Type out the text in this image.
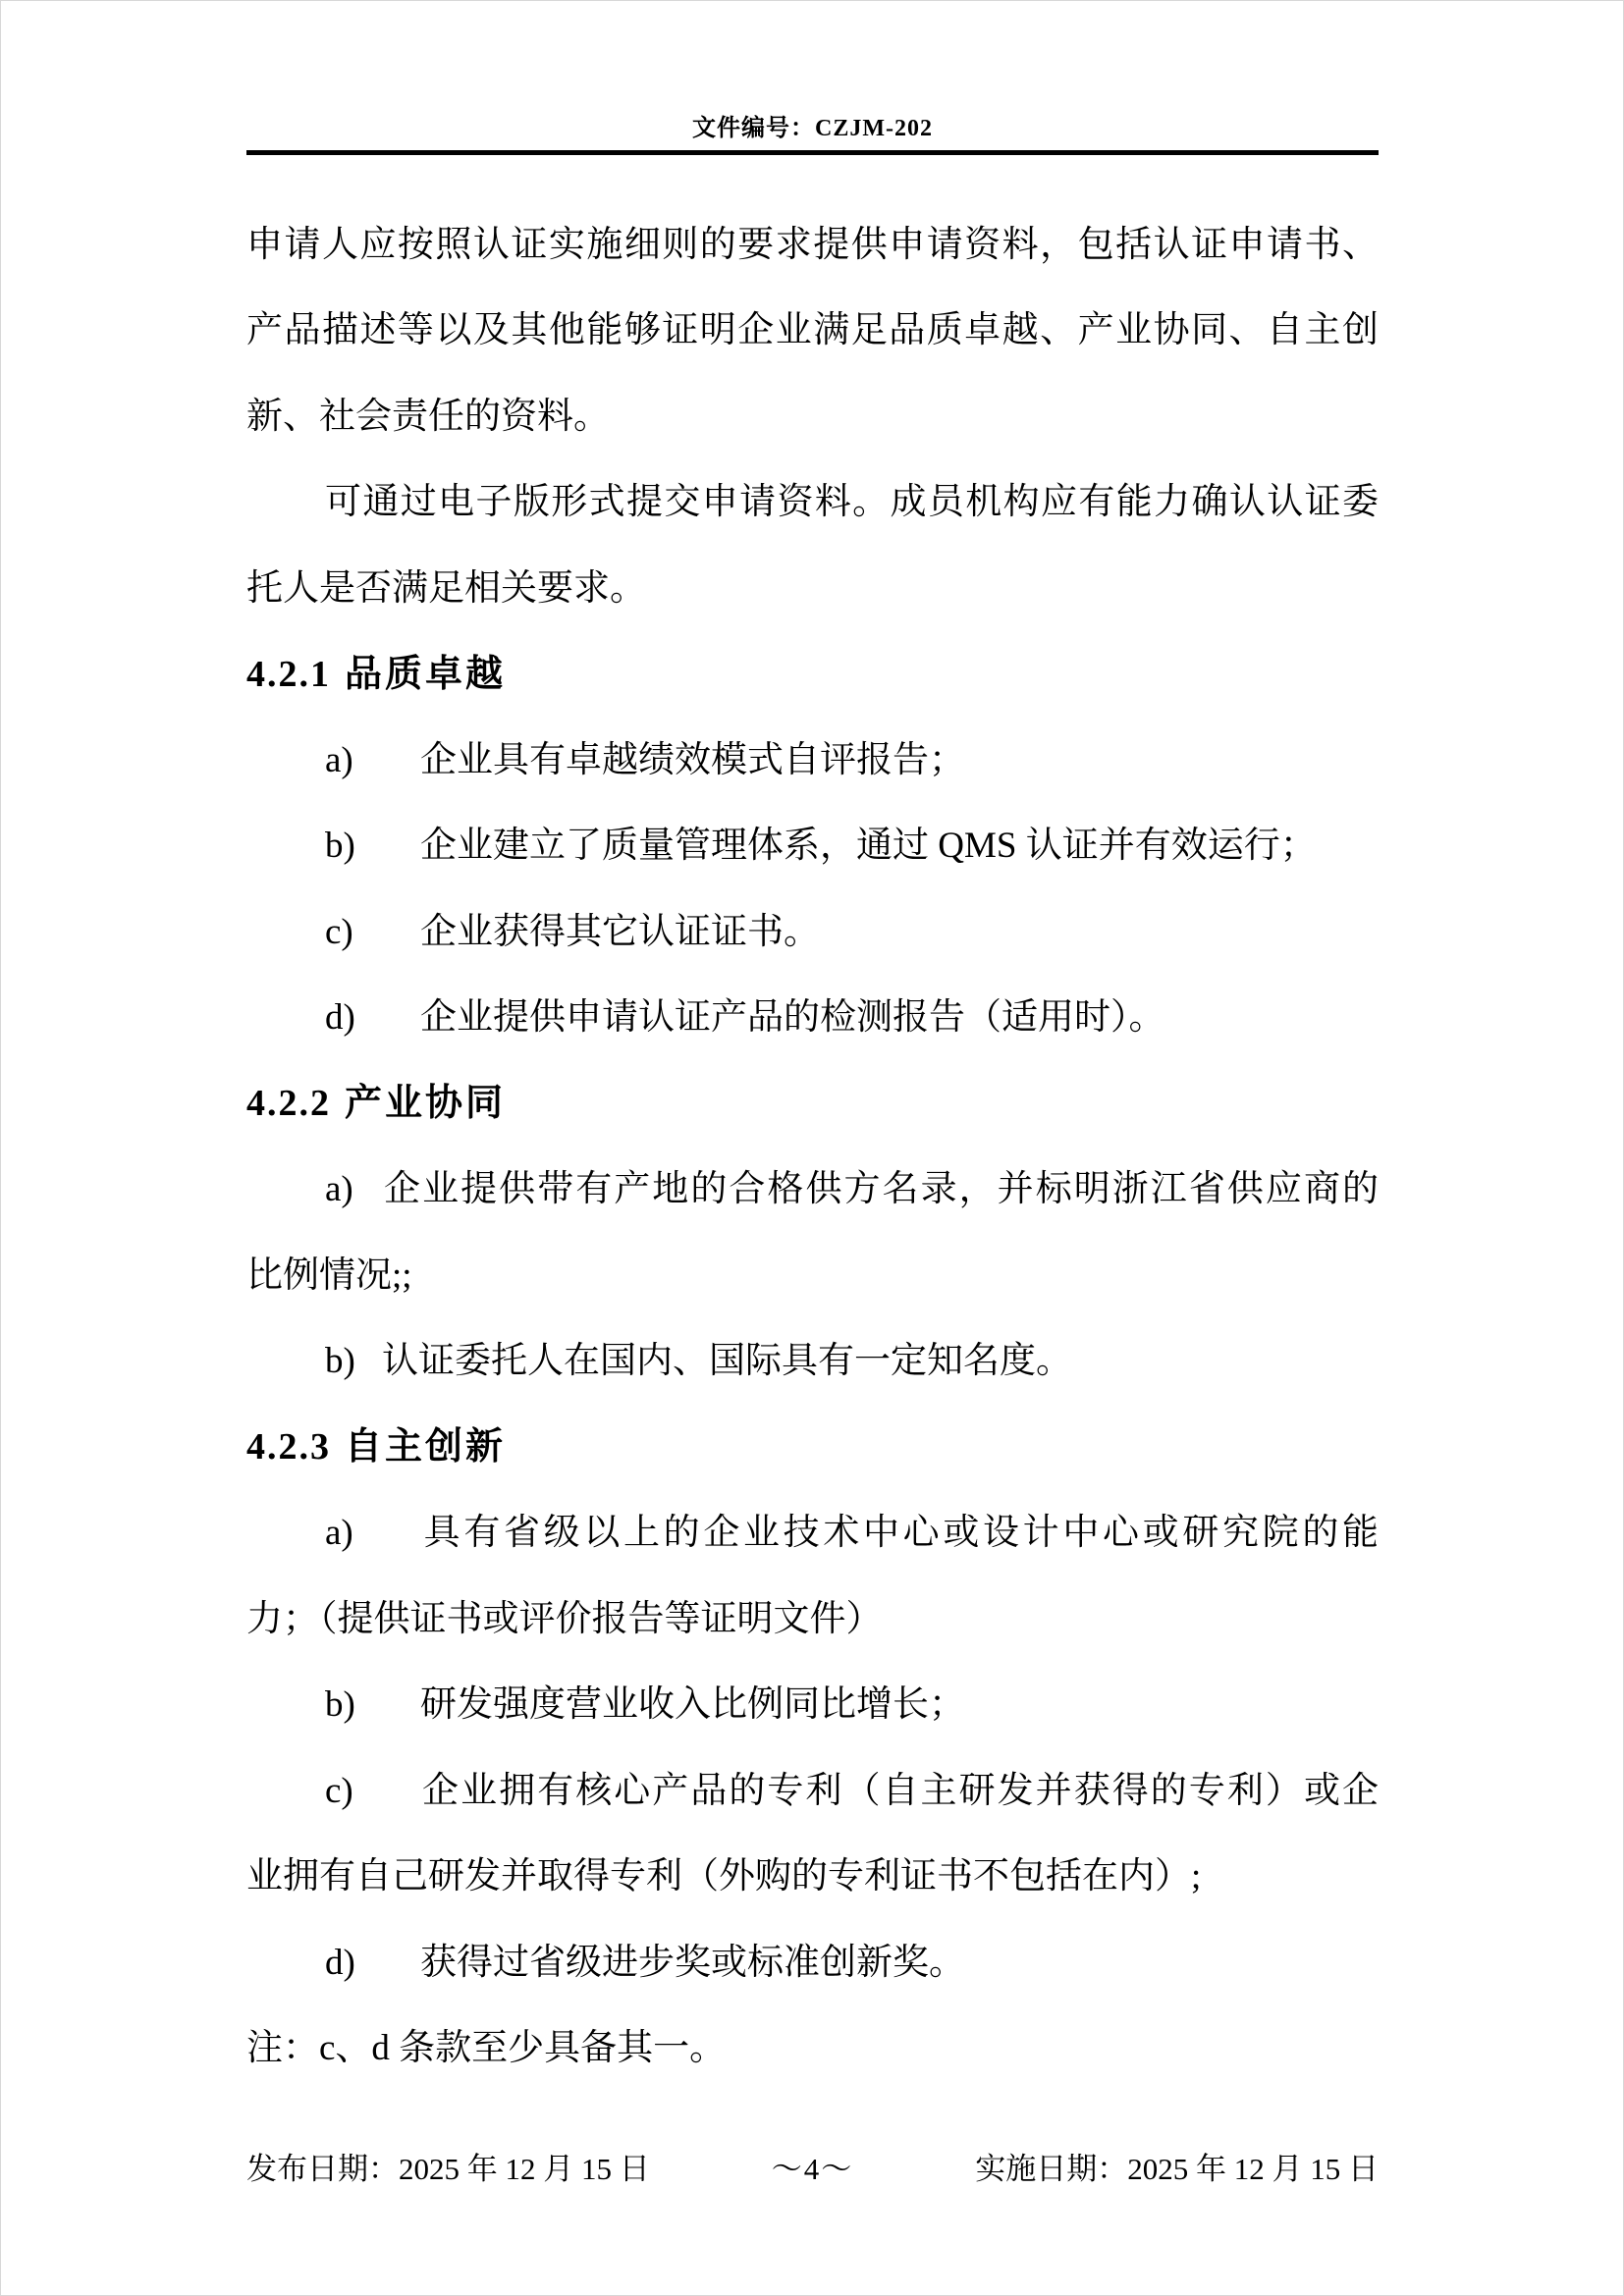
文件编号：CZJM-202
申请人应按照认证实施细则的要求提供申请资料，包括认证申请书、
产品描述等以及其他能够证明企业满足品质卓越、产业协同、自主创
新、社会责任的资料。
可通过电子版形式提交申请资料。成员机构应有能力确认认证委
托人是否满足相关要求。
4.2.1 品质卓越
a) 企业具有卓越绩效模式自评报告；
b) 企业建立了质量管理体系，通过 QMS 认证并有效运行；
c) 企业获得其它认证证书。
d) 企业提供申请认证产品的检测报告（适用时）。
4.2.2 产业协同
a) 企业提供带有产地的合格供方名录，并标明浙江省供应商的
比例情况;;
b) 认证委托人在国内、国际具有一定知名度。
4.2.3 自主创新
a) 具有省级以上的企业技术中心或设计中心或研究院的能
力；（提供证书或评价报告等证明文件）
b) 研发强度营业收入比例同比增长；
c) 企业拥有核心产品的专利（自主研发并获得的专利）或企
业拥有自己研发并取得专利（外购的专利证书不包括在内）;
d) 获得过省级进步奖或标准创新奖。
注：c、d 条款至少具备其一。
发布日期：2025 年 12 月 15 日	～4～	实施日期：2025 年 12 月 15 日
